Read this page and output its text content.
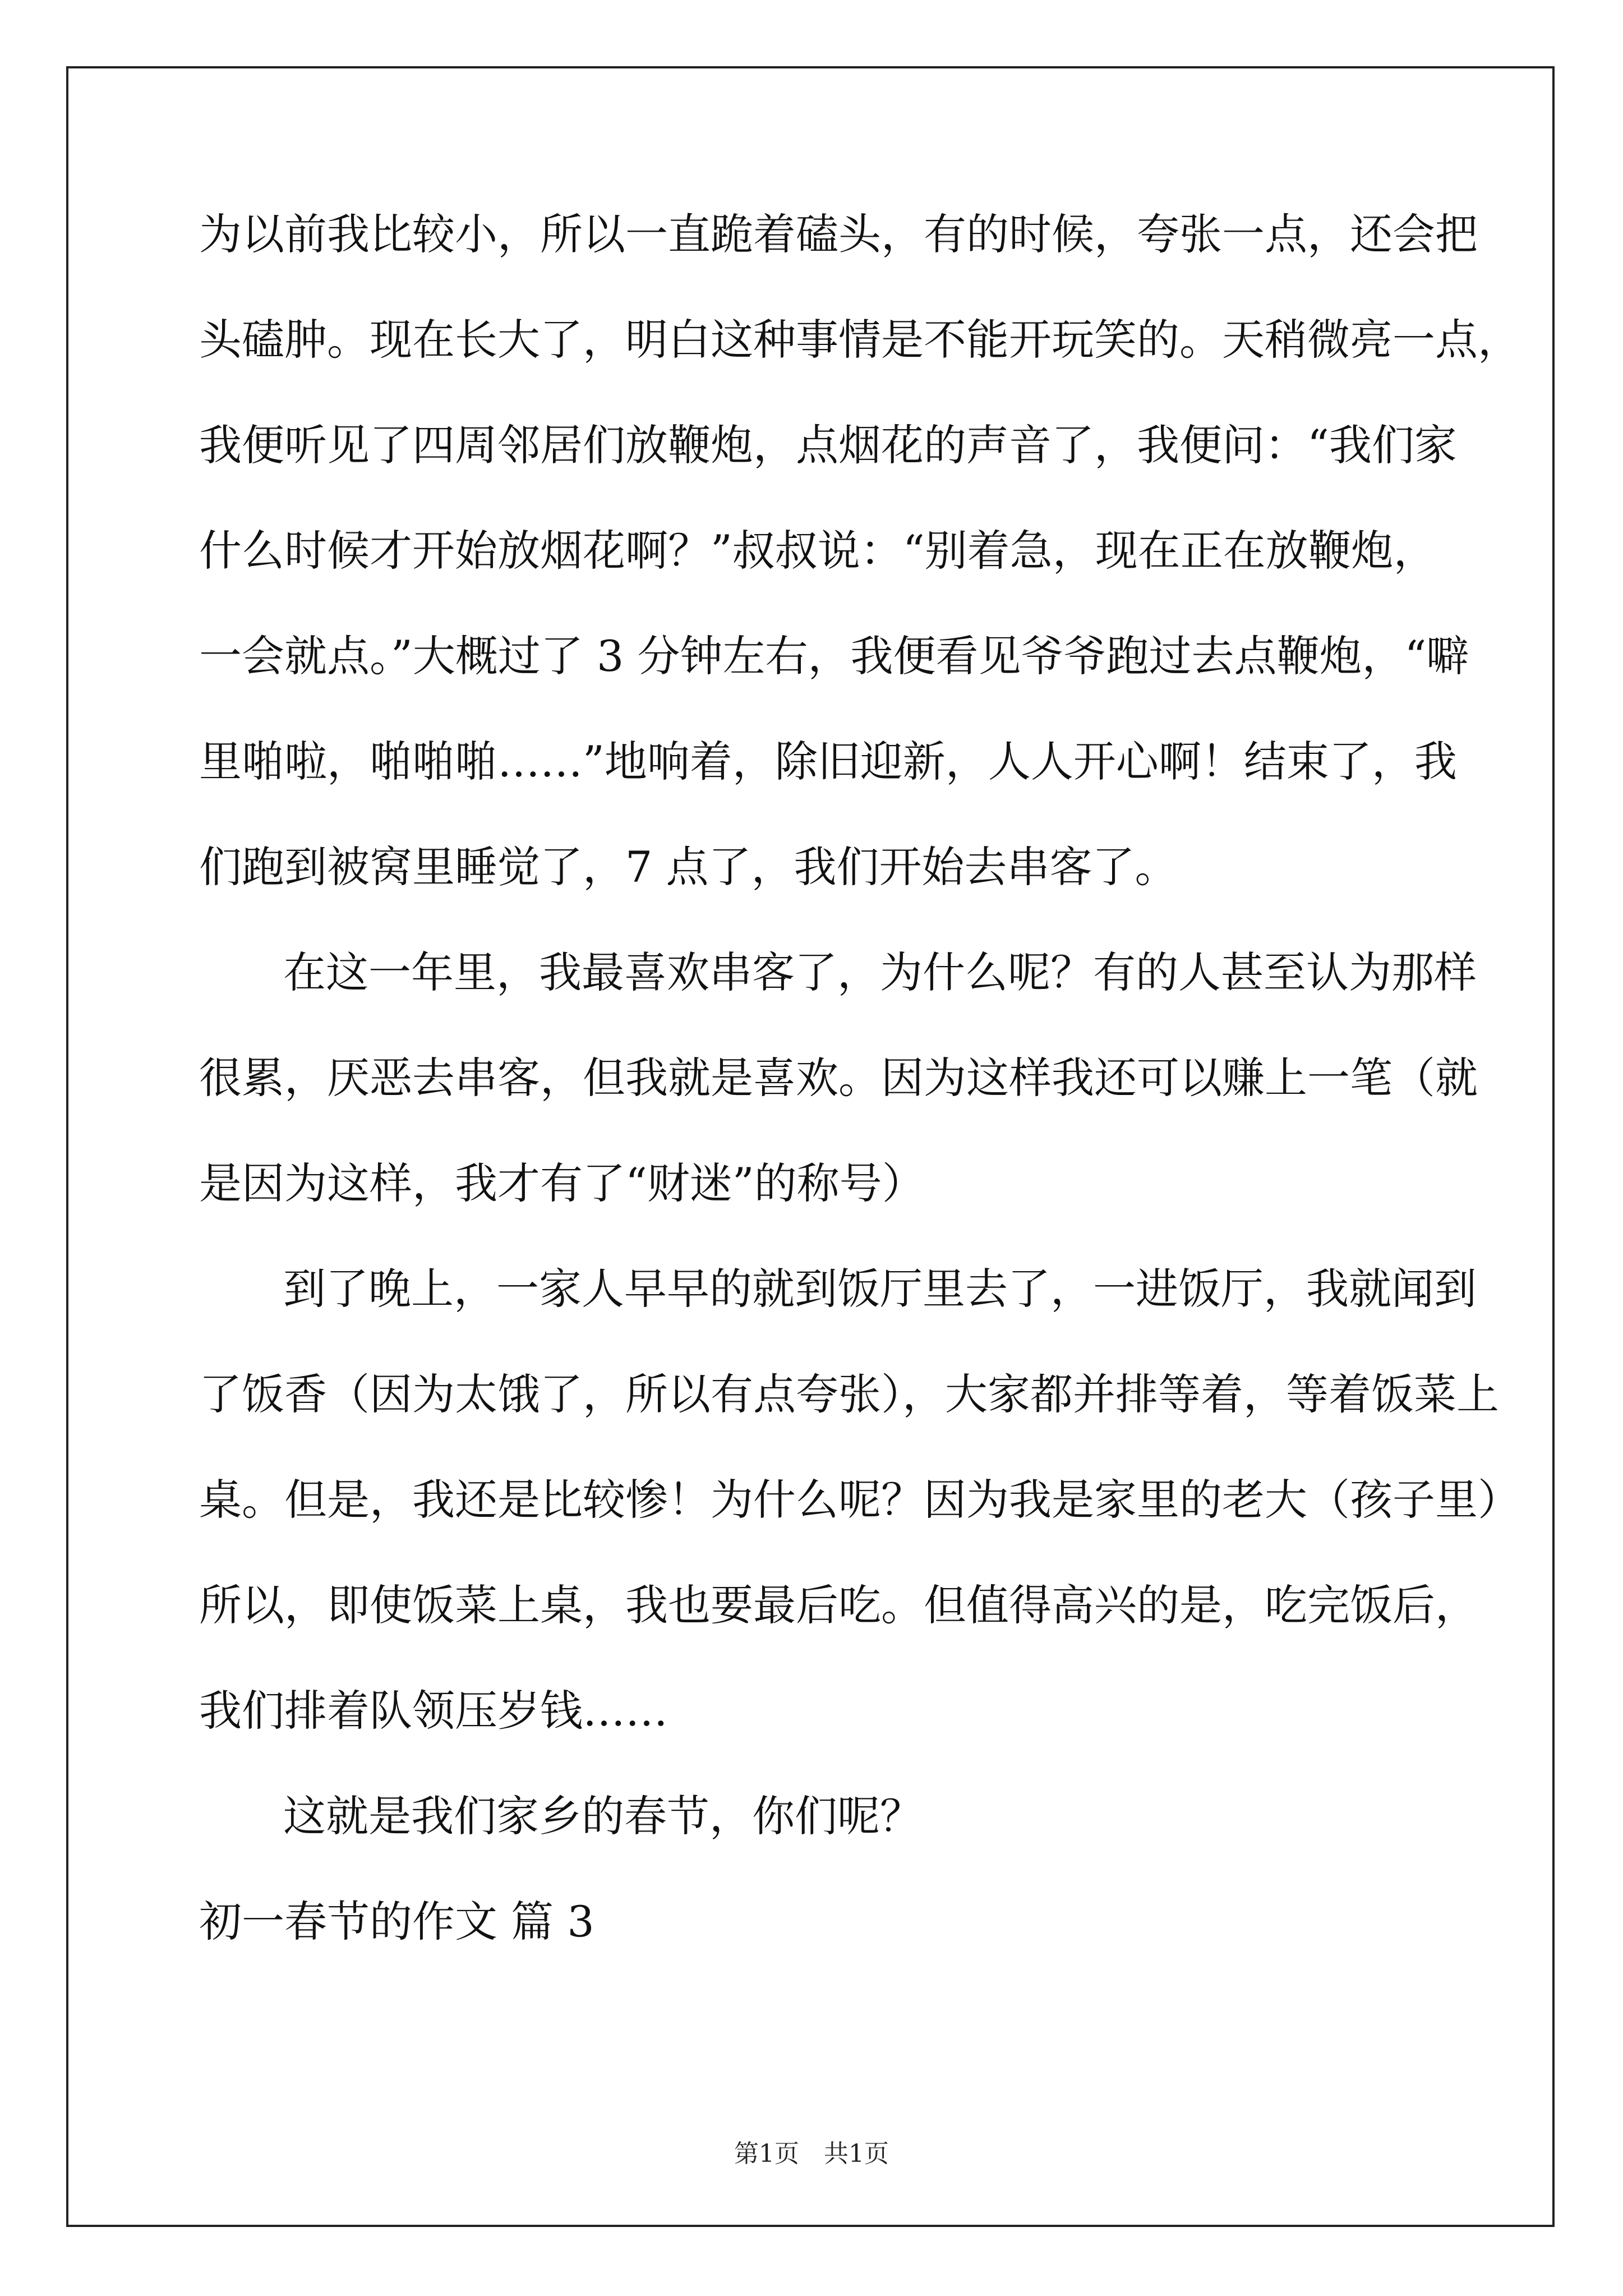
为以前我比较小，所以一直跪着磕头，有的时候，夸张一点，还会把
头磕肿。现在长大了，明白这种事情是不能开玩笑的。天稍微亮一点，
我便听见了四周邻居们放鞭炮，点烟花的声音了，我便问：“我们家
什么时候才开始放烟花啊？”叔叔说：“别着急，现在正在放鞭炮，
一会就点。”大概过了 3 分钟左右，我便看见爷爷跑过去点鞭炮，“噼
里啪啦，啪啪啪……”地响着，除旧迎新，人人开心啊！结束了，我
们跑到被窝里睡觉了，7 点了，我们开始去串客了。
在这一年里，我最喜欢串客了，为什么呢？有的人甚至认为那样
很累，厌恶去串客，但我就是喜欢。因为这样我还可以赚上一笔（就
是因为这样，我才有了“财迷”的称号）
到了晚上，一家人早早的就到饭厅里去了，一进饭厅，我就闻到
了饭香（因为太饿了，所以有点夸张），大家都并排等着，等着饭菜上
桌。但是，我还是比较惨！为什么呢？因为我是家里的老大（孩子里）
所以，即使饭菜上桌，我也要最后吃。但值得高兴的是，吃完饭后，
我们排着队领压岁钱……
这就是我们家乡的春节，你们呢？
初一春节的作文 篇 3
第1页　共1页
